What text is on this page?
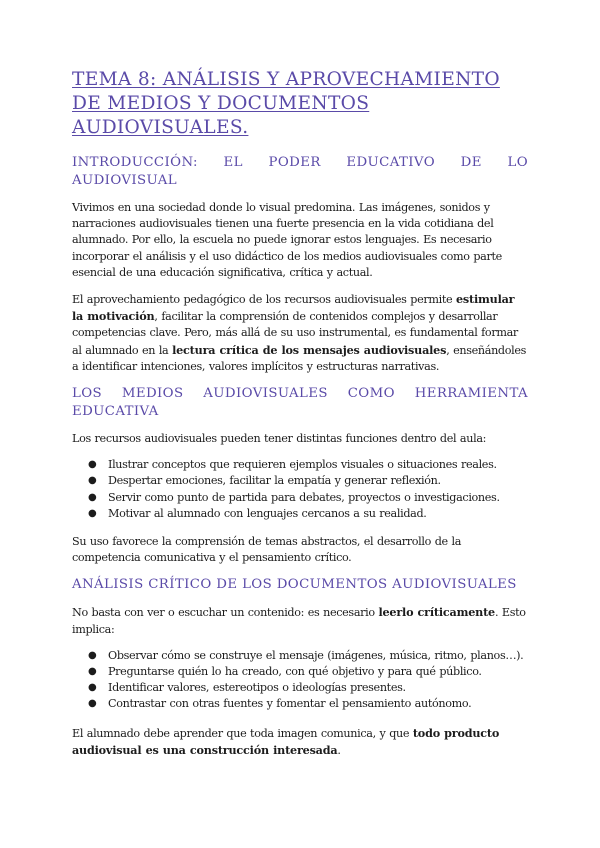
TEMA 8: ANÁLISIS Y APROVECHAMIENTO DE MEDIOS Y DOCUMENTOS AUDIOVISUALES.
INTRODUCCIÓN: EL PODER EDUCATIVO DE LO
AUDIOVISUAL

Vivimos en una sociedad donde lo visual predomina. Las imágenes, sonidos y narraciones audiovisuales tienen una fuerte presencia en la vida cotidiana del alumnado. Por ello, la escuela no puede ignorar estos lenguajes. Es necesario incorporar el análisis y el uso didáctico de los medios audiovisuales como parte esencial de una educación significativa, crítica y actual.

El aprovechamiento pedagógico de los recursos audiovisuales permite estimular la motivación, facilitar la comprensión de contenidos complejos y desarrollar competencias clave. Pero, más allá de su uso instrumental, es fundamental formar al alumnado en la lectura crítica de los mensajes audiovisuales, enseñándoles a identificar intenciones, valores implícitos y estructuras narrativas.

LOS MEDIOS AUDIOVISUALES COMO HERRAMIENTA
EDUCATIVA

Los recursos audiovisuales pueden tener distintas funciones dentro del aula:

● Ilustrar conceptos que requieren ejemplos visuales o situaciones reales.
● Despertar emociones, facilitar la empatía y generar reflexión.
● Servir como punto de partida para debates, proyectos o investigaciones.
● Motivar al alumnado con lenguajes cercanos a su realidad.

Su uso favorece la comprensión de temas abstractos, el desarrollo de la competencia comunicativa y el pensamiento crítico.

ANÁLISIS CRÍTICO DE LOS DOCUMENTOS AUDIOVISUALES

No basta con ver o escuchar un contenido: es necesario leerlo críticamente. Esto implica:

● Observar cómo se construye el mensaje (imágenes, música, ritmo, planos…).
● Preguntarse quién lo ha creado, con qué objetivo y para qué público.
● Identificar valores, estereotipos o ideologías presentes.
● Contrastar con otras fuentes y fomentar el pensamiento autónomo.

El alumnado debe aprender que toda imagen comunica, y que todo producto audiovisual es una construcción interesada.
